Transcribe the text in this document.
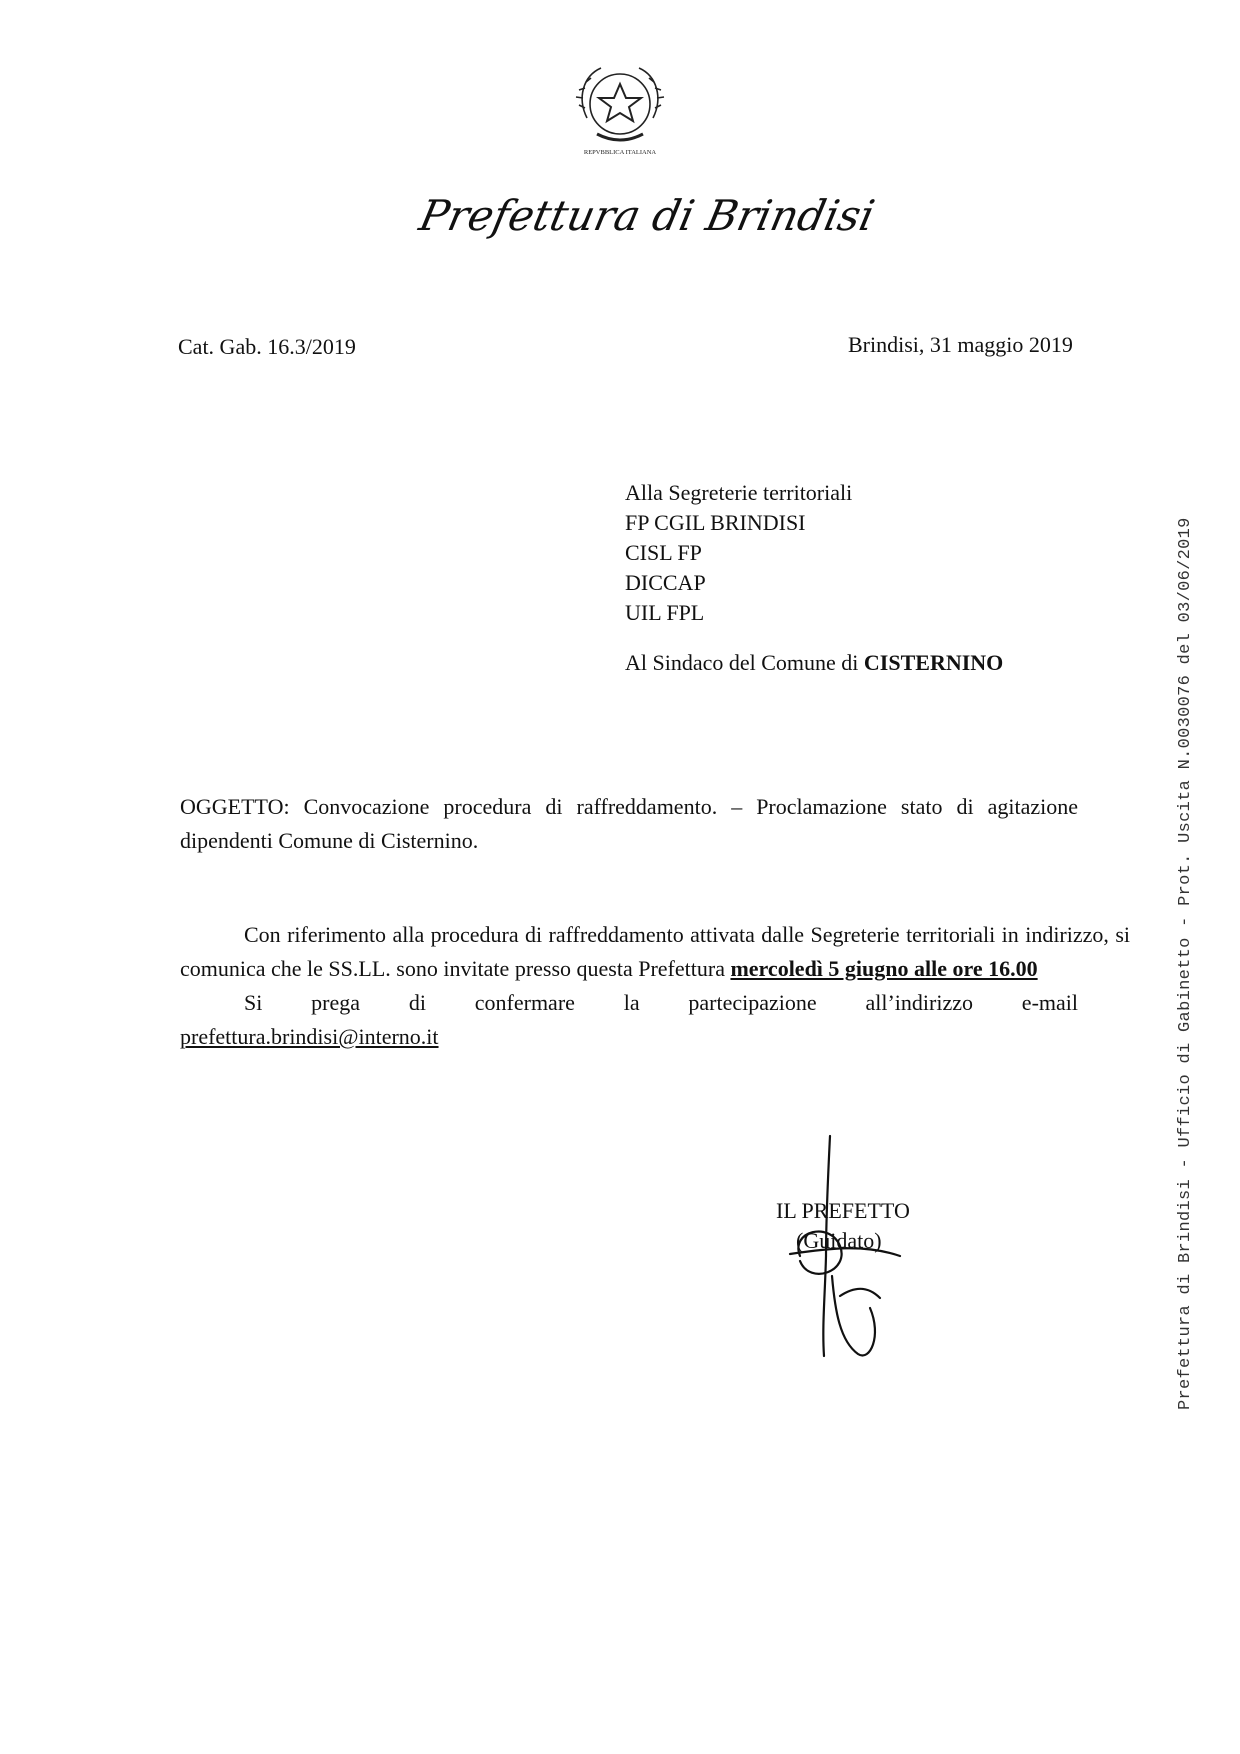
REPVBBLICA ITALIANA
Prefettura di Brindisi
Cat. Gab. 16.3/2019	Brindisi, 31 maggio 2019
Alla Segreterie territoriali
FP CGIL BRINDISI
CISL FP
DICCAP
UIL FPL
Al Sindaco del Comune di CISTERNINO
OGGETTO: Convocazione procedura di raffreddamento. – Proclamazione stato di agitazione dipendenti Comune di Cisternino.
Con riferimento alla procedura di raffreddamento attivata dalle Segreterie territoriali in indirizzo, si comunica che le SS.LL. sono invitate presso questa Prefettura mercoledì 5 giugno alle ore 16.00
Si prega di confermare la partecipazione all’indirizzo e-mail
prefettura.brindisi@interno.it
IL PREFETTO
(Guidato)	Prefettura di Brindisi - Ufficio di Gabinetto - Prot. Uscita N.0030076 del 03/06/2019
